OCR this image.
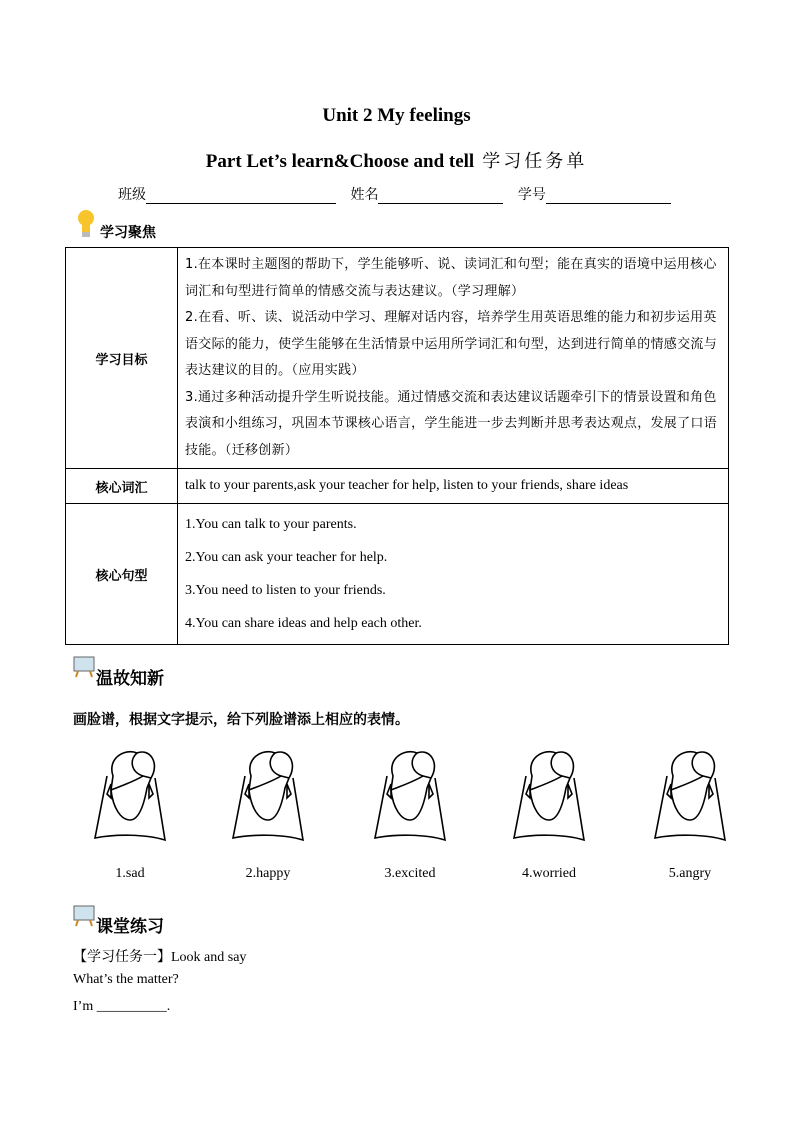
Unit 2 My feelings
Part Let’s learn&Choose and tell 学习任务单
班级	姓名	学号
学习聚焦
学习目标	1.在本课时主题图的帮助下，学生能够听、说、读词汇和句型；能在真实的语境中运用核心词汇和句型进行简单的情感交流与表达建议。（学习理解）
2.在看、听、读、说活动中学习、理解对话内容，培养学生用英语思维的能力和初步运用英语交际的能力，使学生能够在生活情景中运用所学词汇和句型，达到进行简单的情感交流与表达建议的目的。（应用实践）
3.通过多种活动提升学生听说技能。通过情感交流和表达建议话题牵引下的情景设置和角色表演和小组练习，巩固本节课核心语言，学生能进一步去判断并思考表达观点，发展了口语技能。（迁移创新）

核心词汇	talk to your parents,ask your teacher for help, listen to your friends, share ideas
核心句型	1.You can talk to your parents.
2.You can ask your teacher for help.
3.You need to listen to your friends.
4.You can share ideas and help each other.
温故知新
画脸谱，根据文字提示，给下列脸谱添上相应的表情。
1.sad	2.happy	3.excited	4.worried	5.angry
课堂练习
【学习任务一】Look and say
What’s the matter?
I’m __________.
